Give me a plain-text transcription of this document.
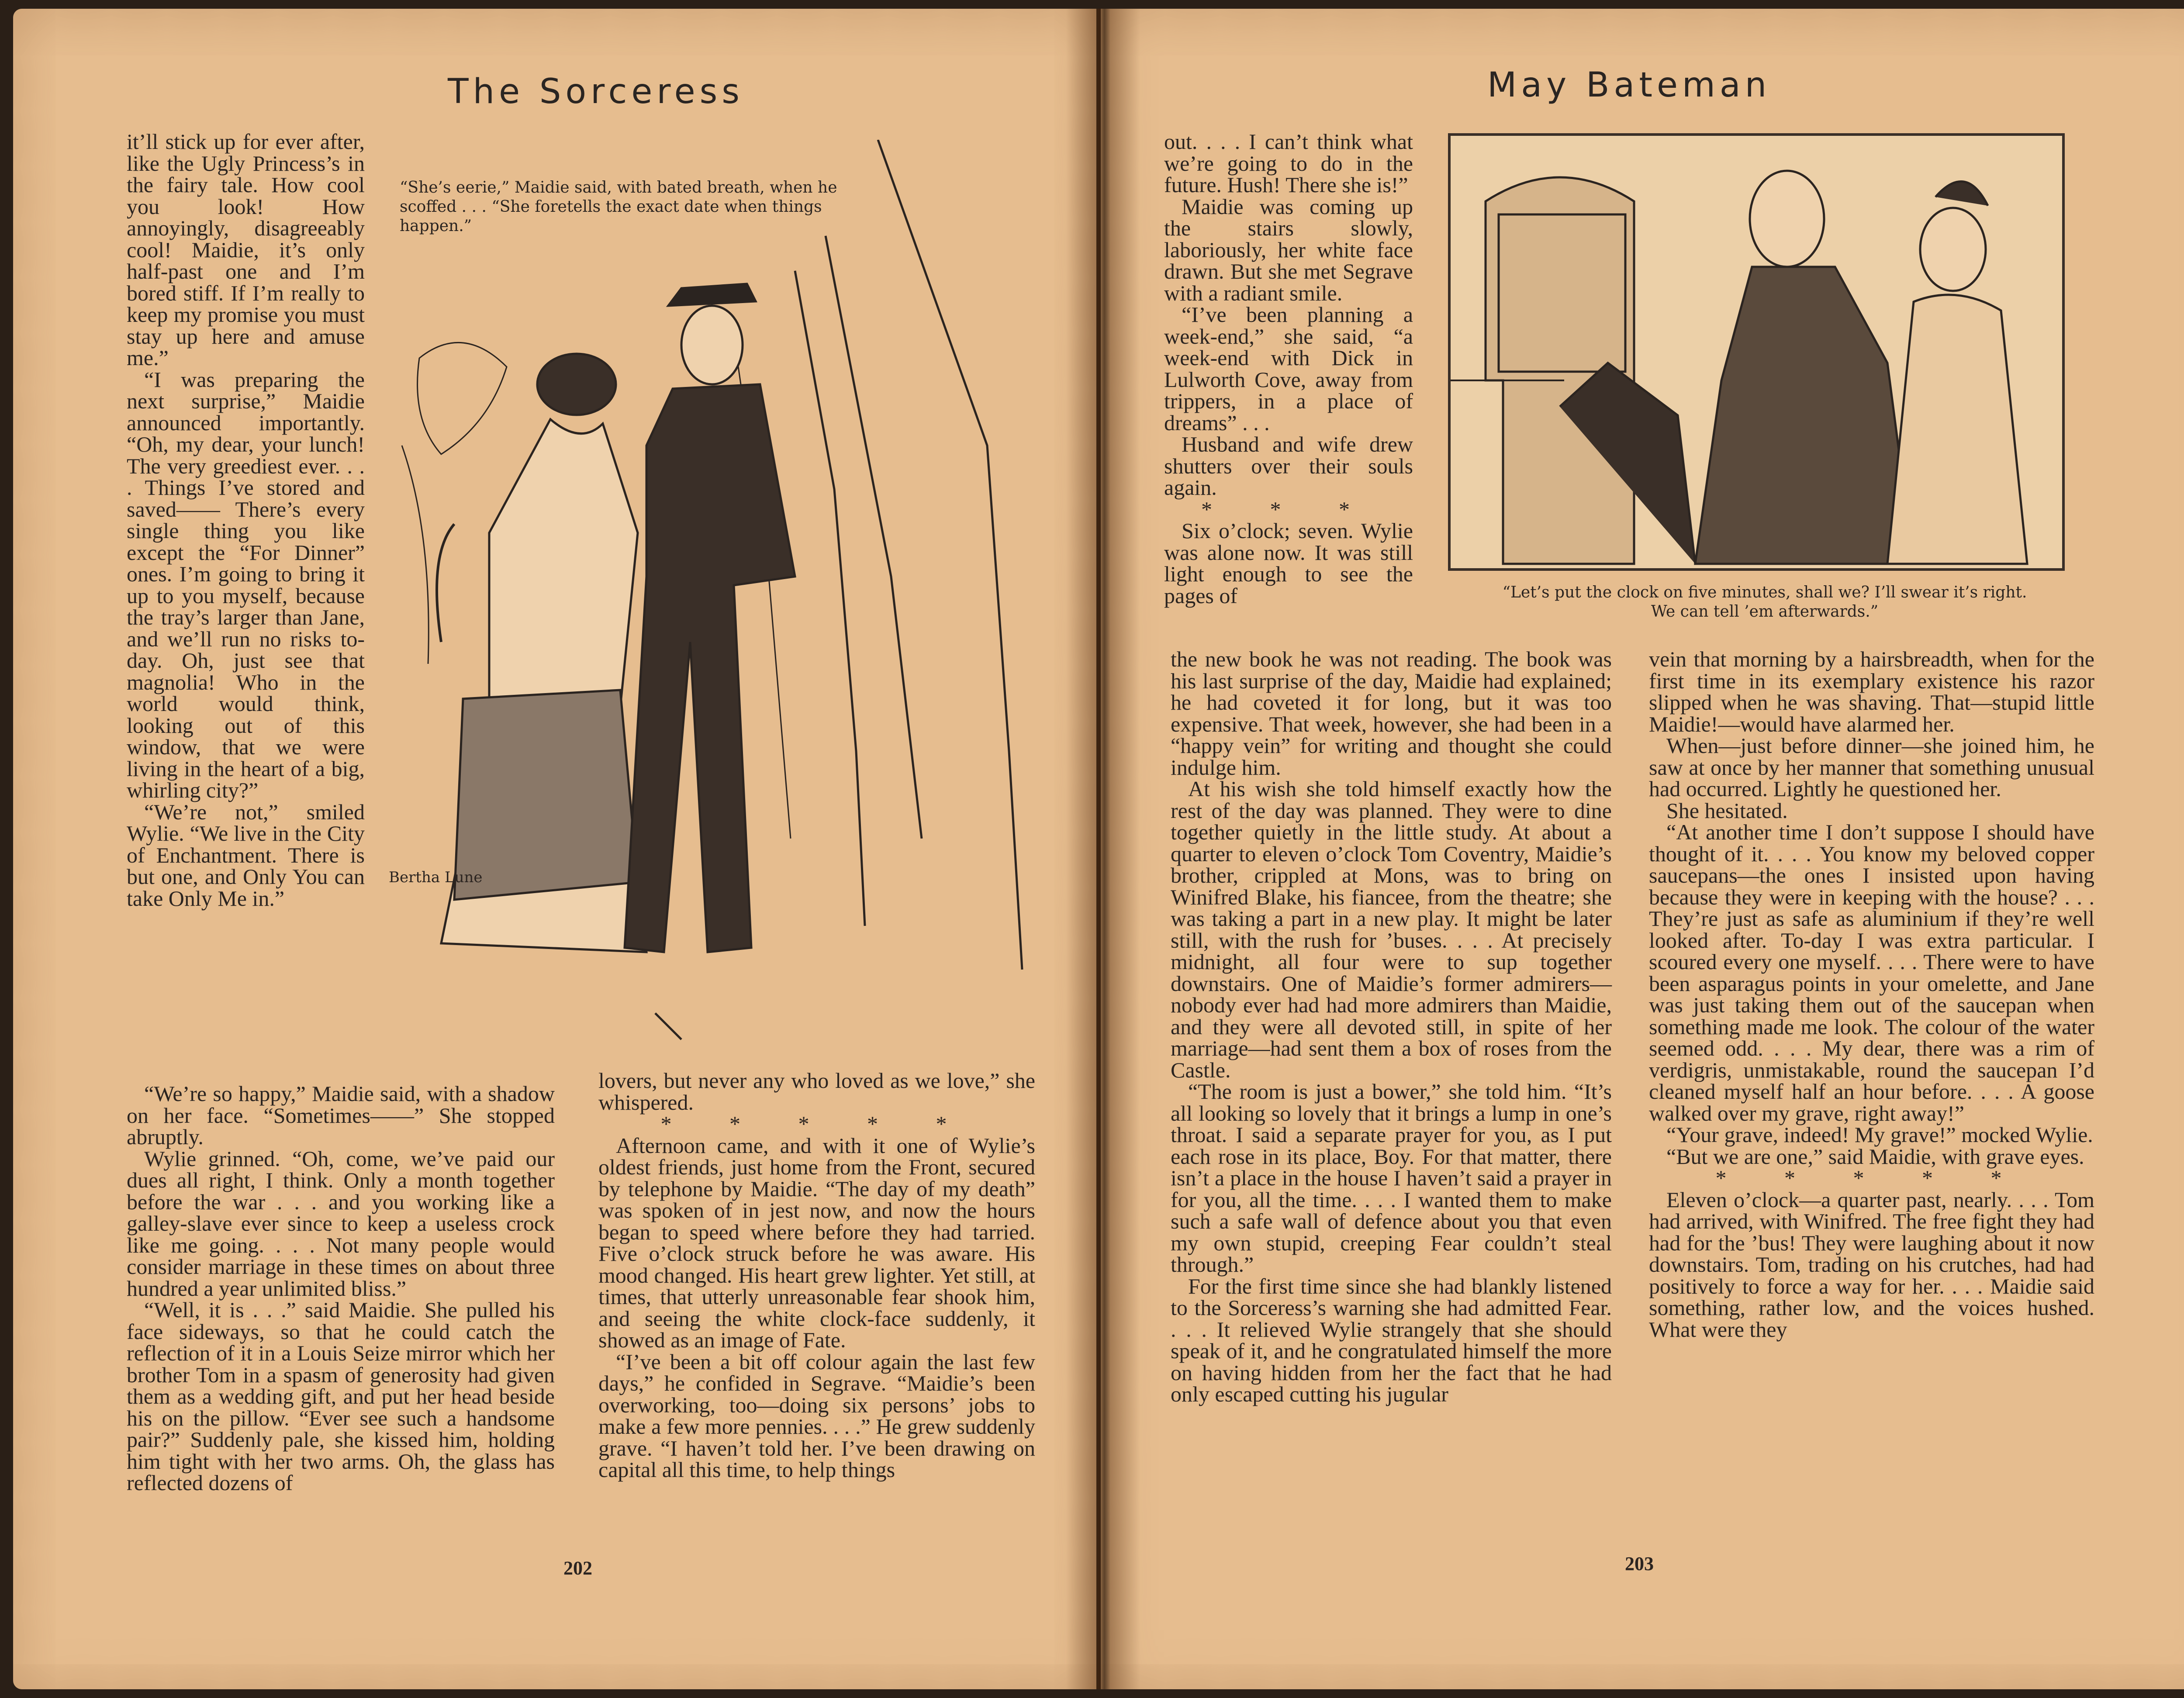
The Sorceress

it’ll stick up for ever after, like the Ugly Princess’s in the fairy tale. How cool you look! How annoyingly, disagreeably cool! Maidie, it’s only half-past one and I’m bored stiff. If I’m really to keep my promise you must stay up here and amuse me.”

“I was preparing the next surprise,” Maidie announced importantly. “Oh, my dear, your lunch! The very greediest ever. . . . Things I’ve stored and saved—— There’s every single thing you like except the “For Dinner” ones. I’m going to bring it up to you myself, because the tray’s larger than Jane, and we’ll run no risks to-day. Oh, just see that magnolia! Who in the world would think, looking out of this window, that we were living in the heart of a big, whirling city?”

“We’re not,” smiled Wylie. “We live in the City of Enchantment. There is but one, and Only You can take Only Me in.”

“She’s eerie,” Maidie said, with bated breath, when he scoffed . . . “She foretells the exact date when things happen.”
Bertha Lune

“We’re so happy,” Maidie said, with a shadow on her face. “Sometimes——” She stopped abruptly.

Wylie grinned. “Oh, come, we’ve paid our dues all right, I think. Only a month together before the war . . . and you working like a galley-slave ever since to keep a useless crock like me going. . . . Not many people would consider marriage in these times on about three hundred a year unlimited bliss.”

“Well, it is . . .” said Maidie. She pulled his face sideways, so that he could catch the reflection of it in a Louis Seize mirror which her brother Tom in a spasm of generosity had given them as a wedding gift, and put her head beside his on the pillow. “Ever see such a handsome pair?” Suddenly pale, she kissed him, holding him tight with her two arms. Oh, the glass has reflected dozens of

lovers, but never any who loved as we love,” she whispered.

* * * * *

Afternoon came, and with it one of Wylie’s oldest friends, just home from the Front, secured by telephone by Maidie. “The day of my death” was spoken of in jest now, and now the hours began to speed where before they had tarried. Five o’clock struck before he was aware. His mood changed. His heart grew lighter. Yet still, at times, that utterly unreasonable fear shook him, and seeing the white clock-face suddenly, it showed as an image of Fate.

“I’ve been a bit off colour again the last few days,” he confided in Segrave. “Maidie’s been overworking, too—doing six persons’ jobs to make a few more pennies. . . .” He grew suddenly grave. “I haven’t told her. I’ve been drawing on capital all this time, to help things

202
May Bateman

out. . . . I can’t think what we’re going to do in the future. Hush! There she is!”

Maidie was coming up the stairs slowly, laboriously, her white face drawn. But she met Segrave with a radiant smile.

“I’ve been planning a week-end,” she said, “a week-end with Dick in Lulworth Cove, away from trippers, in a place of dreams” . . .

Husband and wife drew shutters over their souls again.

* * *

Six o’clock; seven. Wylie was alone now. It was still light enough to see the pages of	“Let’s put the clock on five minutes, shall we? I’ll swear it’s right. We can tell ’em afterwards.”

the new book he was not reading. The book was his last surprise of the day, Maidie had explained; he had coveted it for long, but it was too expensive. That week, however, she had been in a “happy vein” for writing and thought she could indulge him.

At his wish she told himself exactly how the rest of the day was planned. They were to dine together quietly in the little study. At about a quarter to eleven o’clock Tom Coventry, Maidie’s brother, crippled at Mons, was to bring on Winifred Blake, his fiancee, from the theatre; she was taking a part in a new play. It might be later still, with the rush for ’buses. . . . At precisely midnight, all four were to sup together downstairs. One of Maidie’s former admirers—nobody ever had had more admirers than Maidie, and they were all devoted still, in spite of her marriage—had sent them a box of roses from the Castle.

“The room is just a bower,” she told him. “It’s all looking so lovely that it brings a lump in one’s throat. I said a separate prayer for you, as I put each rose in its place, Boy. For that matter, there isn’t a place in the house I haven’t said a prayer in for you, all the time. . . . I wanted them to make such a safe wall of defence about you that even my own stupid, creeping Fear couldn’t steal through.”

For the first time since she had blankly listened to the Sorceress’s warning she had admitted Fear. . . . It relieved Wylie strangely that she should speak of it, and he congratulated himself the more on having hidden from her the fact that he had only escaped cutting his jugular

vein that morning by a hairsbreadth, when for the first time in its exemplary existence his razor slipped when he was shaving. That—stupid little Maidie!—would have alarmed her.

When—just before dinner—she joined him, he saw at once by her manner that something unusual had occurred. Lightly he questioned her.

She hesitated.

“At another time I don’t suppose I should have thought of it. . . . You know my beloved copper saucepans—the ones I insisted upon having because they were in keeping with the house? . . . They’re just as safe as aluminium if they’re well looked after. To-day I was extra particular. I scoured every one myself. . . . There were to have been asparagus points in your omelette, and Jane was just taking them out of the saucepan when something made me look. The colour of the water seemed odd. . . . My dear, there was a rim of verdigris, unmistakable, round the saucepan I’d cleaned myself half an hour before. . . . A goose walked over my grave, right away!”

“Your grave, indeed! My grave!” mocked Wylie.

“But we are one,” said Maidie, with grave eyes.

* * * * *

Eleven o’clock—a quarter past, nearly. . . . Tom had arrived, with Winifred. The free fight they had had for the ’bus! They were laughing about it now downstairs. Tom, trading on his crutches, had had positively to force a way for her. . . . Maidie said something, rather low, and the voices hushed. What were they

203
